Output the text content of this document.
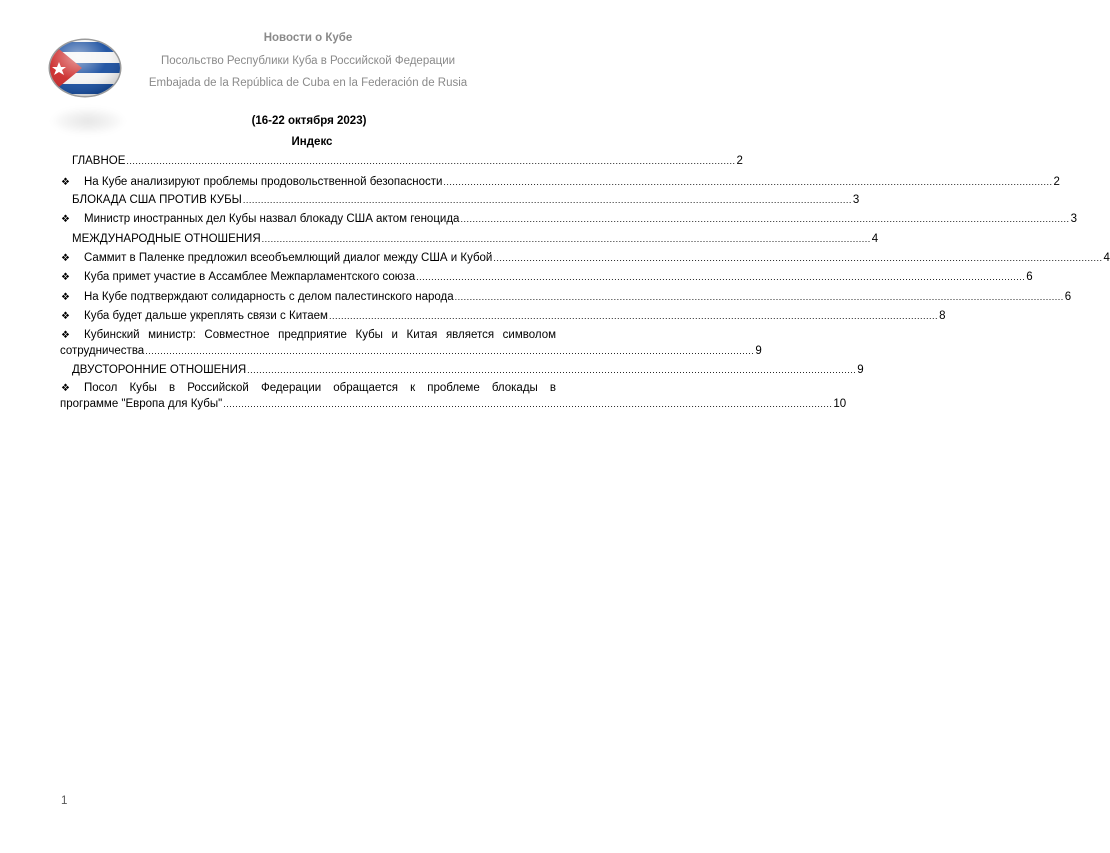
Новости о Кубе
Посольство Республики Куба в Российской Федерации
Embajada de la República de Cuba en la Federación de Rusia
(16-22 октября 2023)
Индекс
ГЛАВНОЕ ........................................................................................................................................................................................................... 2
❖	На Кубе анализируют проблемы продовольственной безопасности ........................................................................................................................................................................................................... 2
БЛОКАДА США ПРОТИВ КУБЫ ........................................................................................................................................................................................................... 3
❖	Министр иностранных дел Кубы назвал блокаду США актом геноцида ........................................................................................................................................................................................................... 3
МЕЖДУНАРОДНЫЕ ОТНОШЕНИЯ ........................................................................................................................................................................................................... 4
❖	Саммит в Паленке предложил всеобъемлющий диалог между США и Кубой ........................................................................................................................................................................................................... 4
❖	Куба примет участие в Ассамблее Межпарламентского союза ........................................................................................................................................................................................................... 6
❖	На Кубе подтверждают солидарность с делом палестинского народа ........................................................................................................................................................................................................... 6
❖	Куба будет дальше укреплять связи с Китаем ........................................................................................................................................................................................................... 8
❖	Кубинский министр: Совместное предприятие Кубы и Китая является символом
сотрудничества ........................................................................................................................................................................................................... 9
ДВУСТОРОННИЕ ОТНОШЕНИЯ ........................................................................................................................................................................................................... 9
❖	Посол Кубы в Российской Федерации обращается к проблеме блокады в
программе "Европа для Кубы" ........................................................................................................................................................................................................... 10
1
